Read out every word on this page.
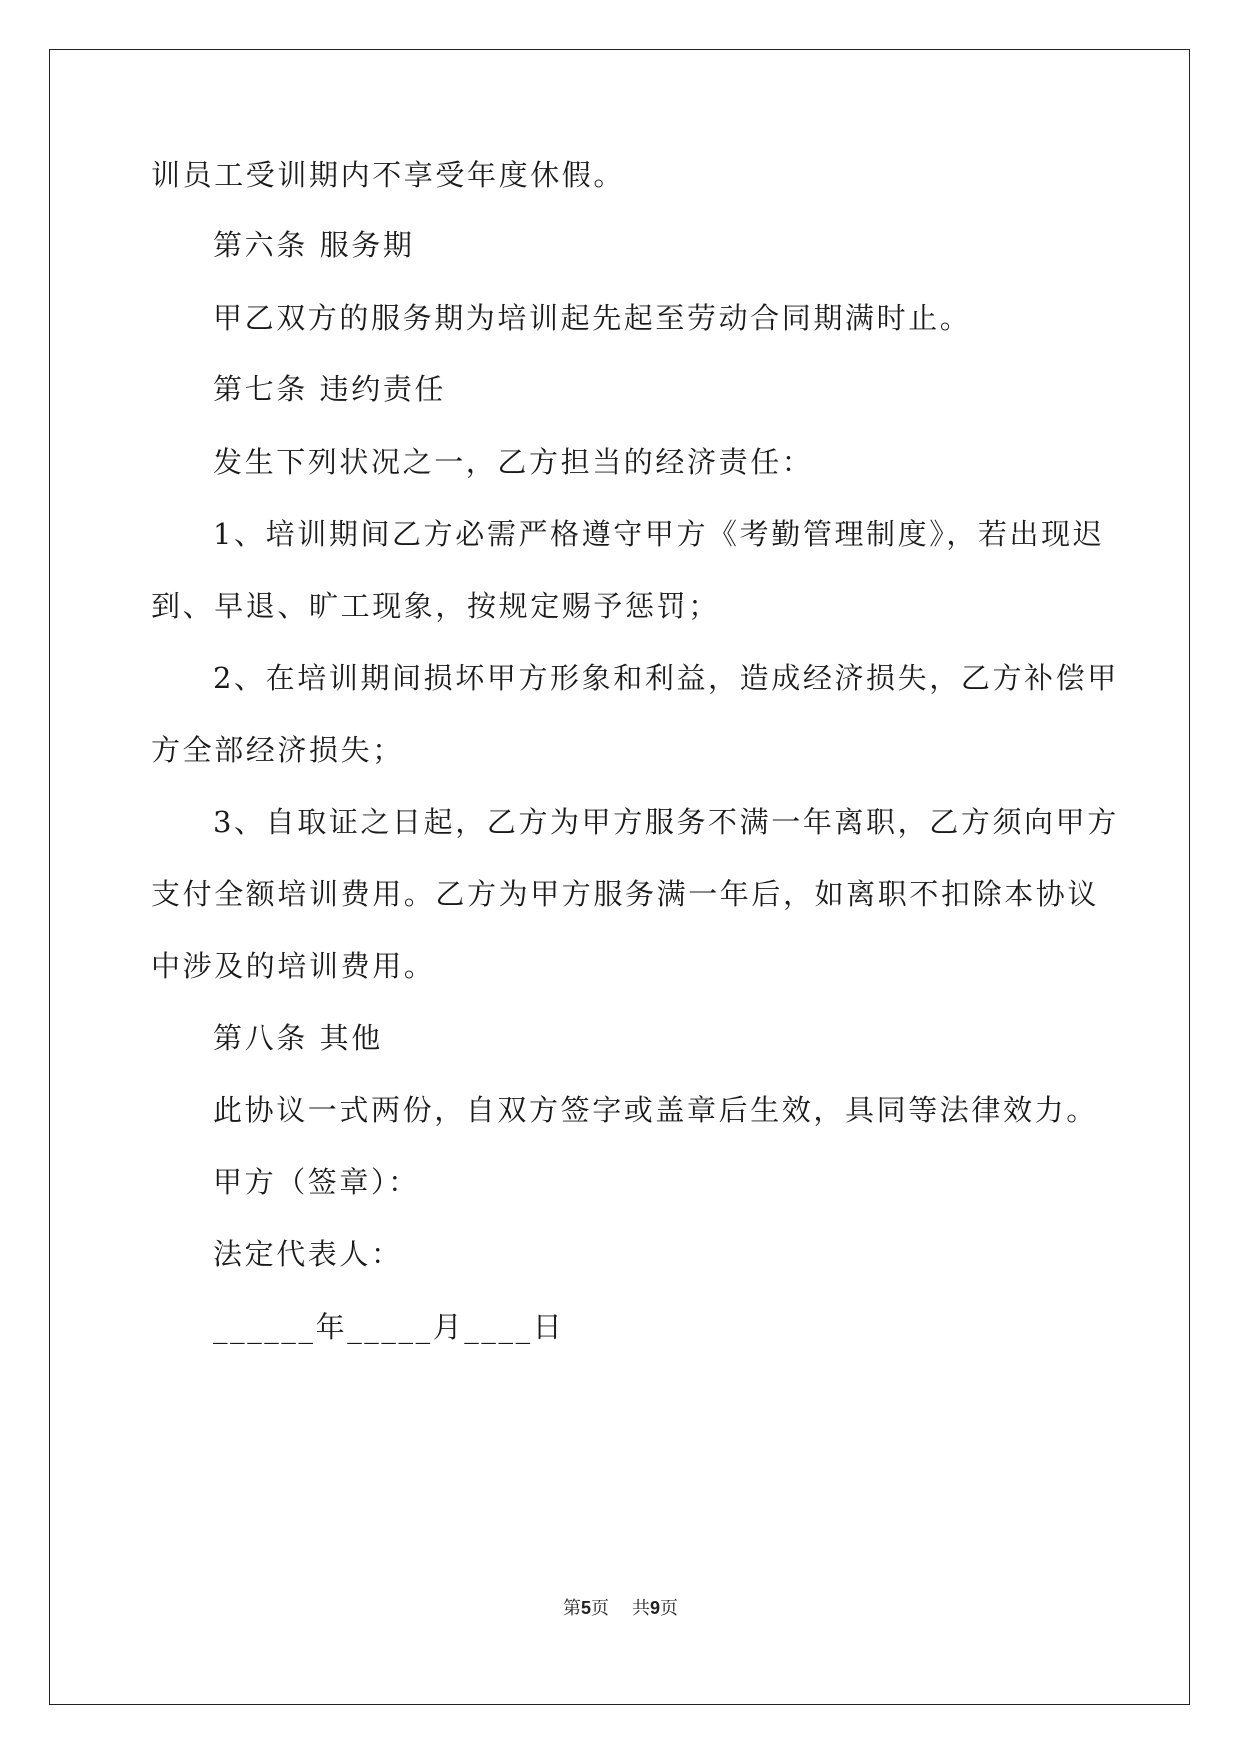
训员工受训期内不享受年度休假。
第六条 服务期
甲乙双方的服务期为培训起先起至劳动合同期满时止。
第七条 违约责任
发生下列状况之一，乙方担当的经济责任：
1、培训期间乙方必需严格遵守甲方《考勤管理制度》，若出现迟
到、早退、旷工现象，按规定赐予惩罚；
2、在培训期间损坏甲方形象和利益，造成经济损失，乙方补偿甲
方全部经济损失；
3、自取证之日起，乙方为甲方服务不满一年离职，乙方须向甲方
支付全额培训费用。乙方为甲方服务满一年后，如离职不扣除本协议
中涉及的培训费用。
第八条 其他
此协议一式两份，自双方签字或盖章后生效，具同等法律效力。
甲方（签章）：
法定代表人：
______年_____月____日
第5页 共9页
